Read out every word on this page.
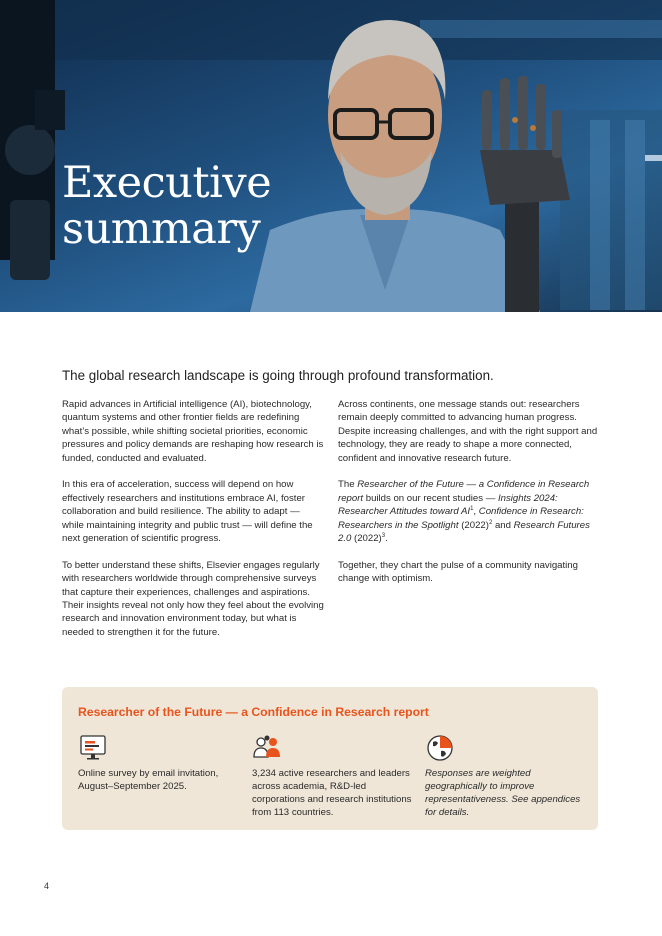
Executive
summary

The global research landscape is going through profound transformation.

Rapid advances in Artificial intelligence (AI), biotechnology, quantum systems and other frontier fields are redefining what’s possible, while shifting societal priorities, economic pressures and policy demands are reshaping how research is funded, conducted and evaluated.

In this era of acceleration, success will depend on how effectively researchers and institutions embrace AI, foster collaboration and build resilience. The ability to adapt — while maintaining integrity and public trust — will define the next generation of scientific progress.

To better understand these shifts, Elsevier engages regularly with researchers worldwide through comprehensive surveys that capture their experiences, challenges and aspirations. Their insights reveal not only how they feel about the evolving research and innovation environment today, but what is needed to strengthen it for the future.

Across continents, one message stands out: researchers remain deeply committed to advancing human progress. Despite increasing challenges, and with the right support and technology, they are ready to shape a more connected, confident and innovative research future.

The Researcher of the Future — a Confidence in Research report builds on our recent studies — Insights 2024: Researcher Attitudes toward $AI^1$, Confidence in Research: Researchers in the Spotlight $(2022)^2$ and Research Futures 2.0 $(2022)^3$.

Together, they chart the pulse of a community navigating change with optimism.

Researcher of the Future — a Confidence in Research report

Online survey by email invitation, August–September 2025.

3,234 active researchers and leaders across academia, R&D-led corporations and research institutions from 113 countries.

Responses are weighted geographically to improve representativeness. See appendices for details.

4
